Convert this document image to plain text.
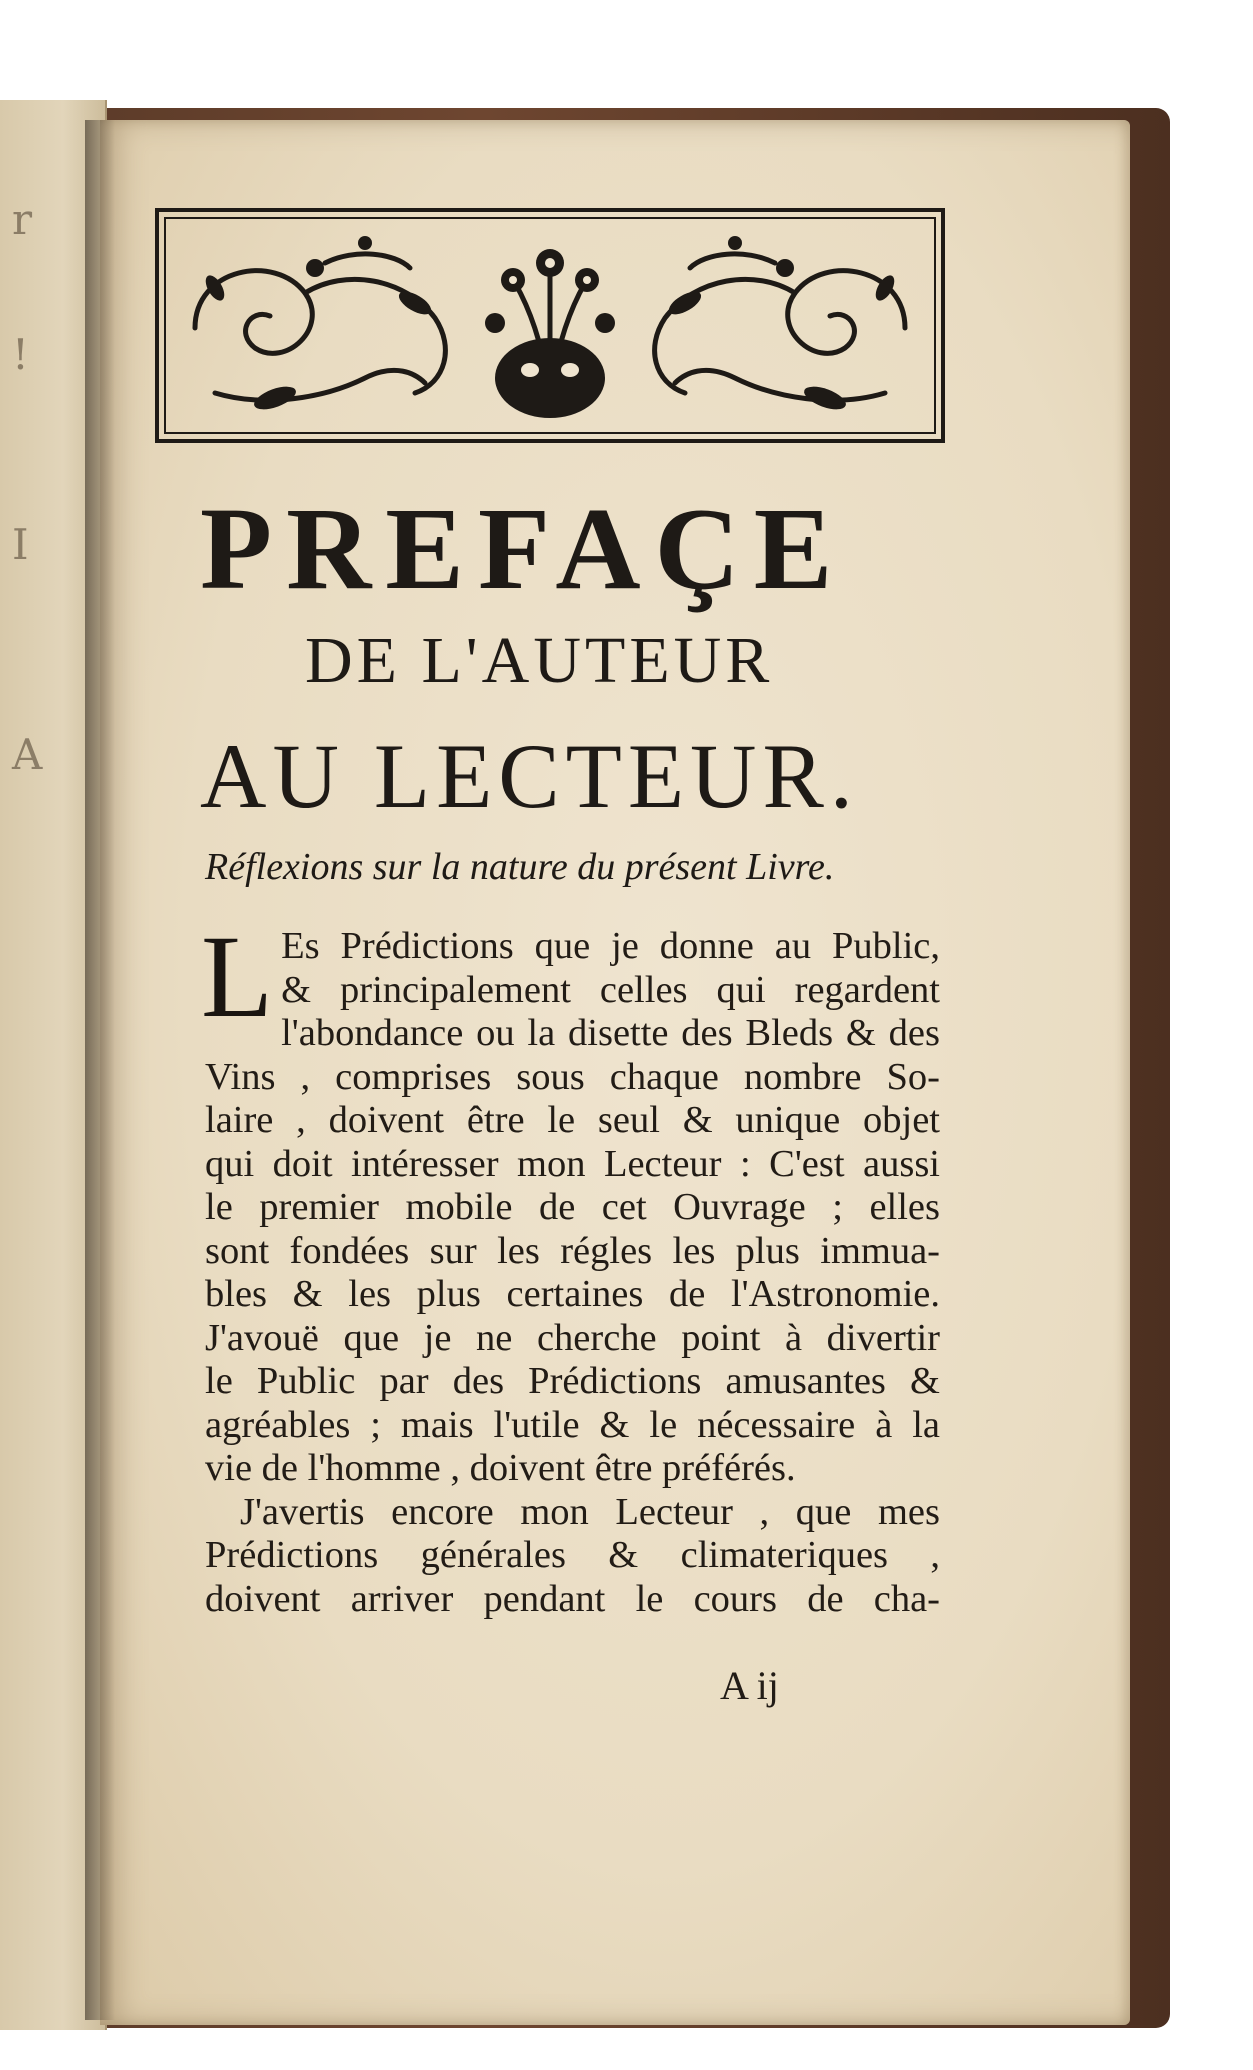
r
!
I
A
PREFAÇE
DE L'AUTEUR
AU LECTEUR.
Réflexions sur la nature du présent Livre.
L Es Prédictions que je donne au Public,
& principalement celles qui regardent
l'abondance ou la disette des Bleds & des
Vins , comprises sous chaque nombre So-
laire , doivent être le seul & unique objet
qui doit intéresser mon Lecteur : C'est aussi
le premier mobile de cet Ouvrage ; elles
sont fondées sur les régles les plus immua-
bles & les plus certaines de l'Astronomie.
J'avouë que je ne cherche point à divertir
le Public par des Prédictions amusantes &
agréables ; mais l'utile & le nécessaire à la
vie de l'homme , doivent être préférés.
J'avertis encore mon Lecteur , que mes
Prédictions générales & climateriques ,
doivent arriver pendant le cours de cha-
A ij
